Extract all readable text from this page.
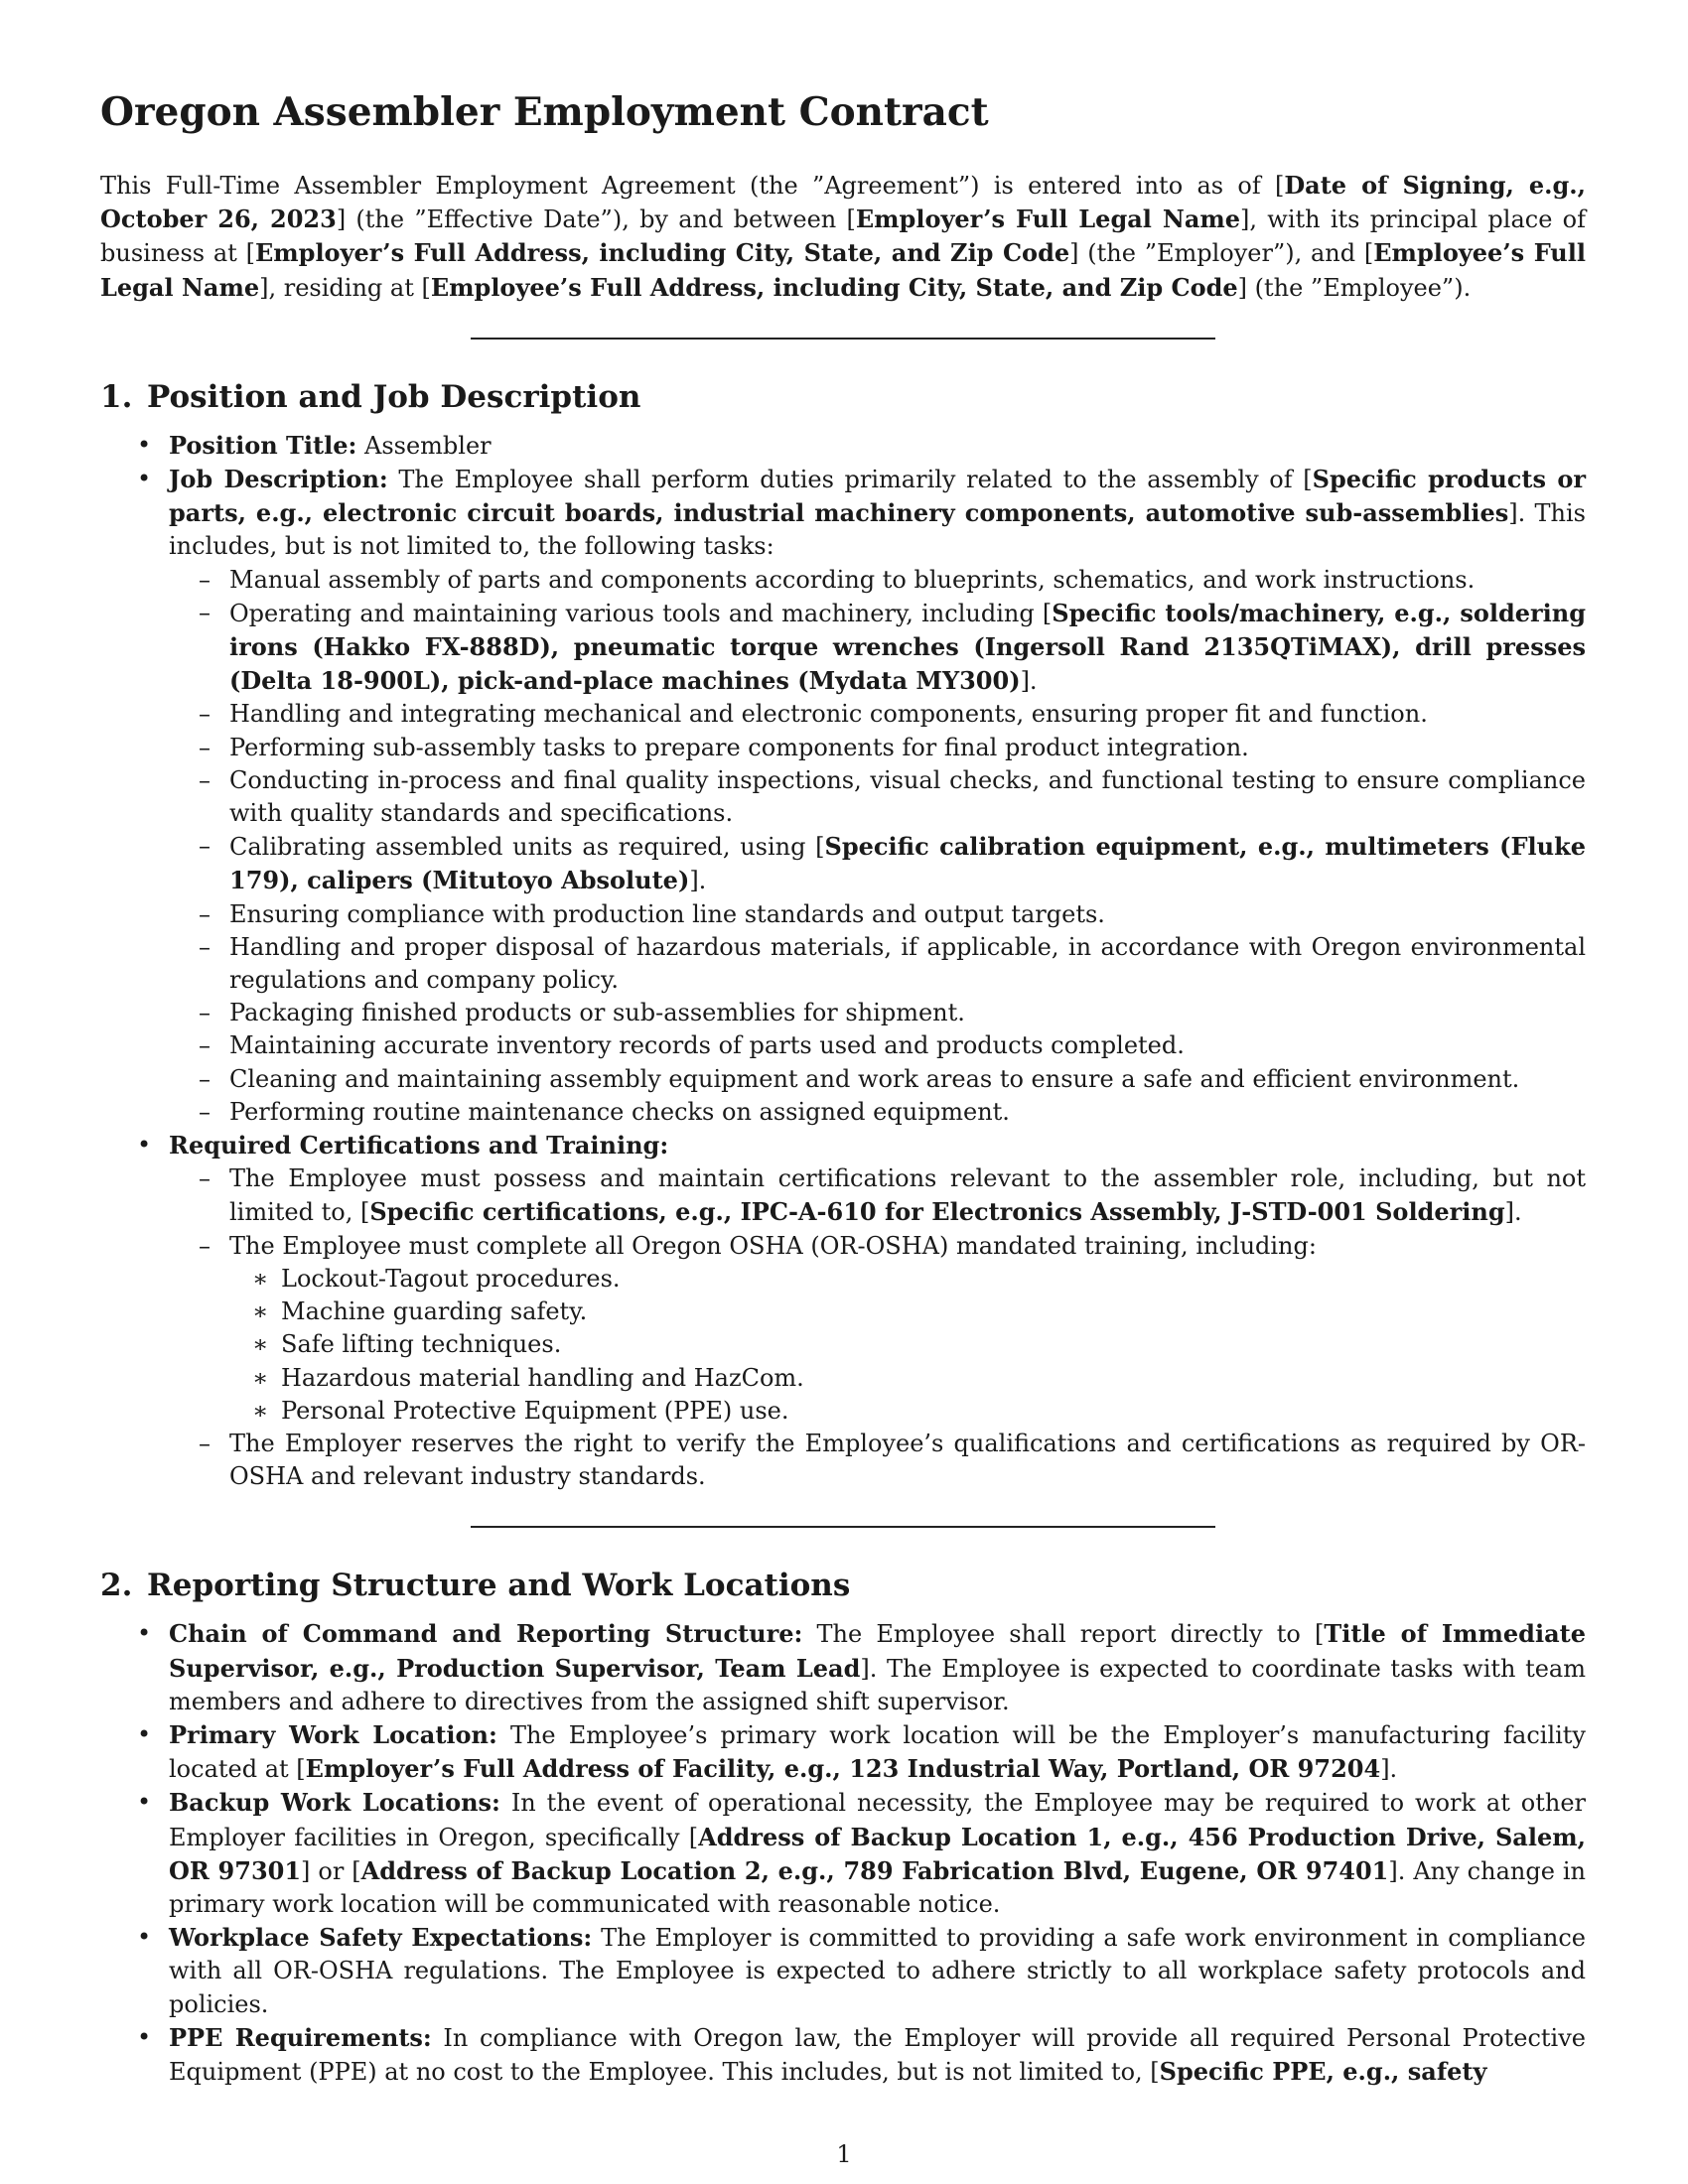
Oregon Assembler Employment Contract

This Full-Time Assembler Employment Agreement (the ”Agreement”) is entered into as of [Date of Signing, e.g., October 26, 2023] (the ”Effective Date”), by and between [Employer’s Full Legal Name], with its principal place of business at [Employer’s Full Address, including City, State, and Zip Code] (the ”Employer”), and [Employee’s Full Legal Name], residing at [Employee’s Full Address, including City, State, and Zip Code] (the ”Employee”).

1. Position and Job Description
• Position Title: Assembler
• Job Description: The Employee shall perform duties primarily related to the assembly of [Specific products or parts, e.g., electronic circuit boards, industrial machinery components, automotive sub-assemblies]. This includes, but is not limited to, the following tasks:
– Manual assembly of parts and components according to blueprints, schematics, and work instructions.
– Operating and maintaining various tools and machinery, including [Specific tools/machinery, e.g., soldering irons (Hakko FX-888D), pneumatic torque wrenches (Ingersoll Rand 2135QTiMAX), drill presses (Delta 18-900L), pick-and-place machines (Mydata MY300)].
– Handling and integrating mechanical and electronic components, ensuring proper fit and function.
– Performing sub-assembly tasks to prepare components for final product integration.
– Conducting in-process and final quality inspections, visual checks, and functional testing to ensure compliance with quality standards and specifications.
– Calibrating assembled units as required, using [Specific calibration equipment, e.g., multimeters (Fluke 179), calipers (Mitutoyo Absolute)].
– Ensuring compliance with production line standards and output targets.
– Handling and proper disposal of hazardous materials, if applicable, in accordance with Oregon environmental regulations and company policy.
– Packaging finished products or sub-assemblies for shipment.
– Maintaining accurate inventory records of parts used and products completed.
– Cleaning and maintaining assembly equipment and work areas to ensure a safe and efficient environment.
– Performing routine maintenance checks on assigned equipment.
• Required Certifications and Training:
– The Employee must possess and maintain certifications relevant to the assembler role, including, but not limited to, [Specific certifications, e.g., IPC-A-610 for Electronics Assembly, J-STD-001 Soldering].
– The Employee must complete all Oregon OSHA (OR-OSHA) mandated training, including:
∗ Lockout-Tagout procedures.
∗ Machine guarding safety.
∗ Safe lifting techniques.
∗ Hazardous material handling and HazCom.
∗ Personal Protective Equipment (PPE) use.
– The Employer reserves the right to verify the Employee’s qualifications and certifications as required by OR-OSHA and relevant industry standards.
2. Reporting Structure and Work Locations
• Chain of Command and Reporting Structure: The Employee shall report directly to [Title of Immediate Supervisor, e.g., Production Supervisor, Team Lead]. The Employee is expected to coordinate tasks with team members and adhere to directives from the assigned shift supervisor.
• Primary Work Location: The Employee’s primary work location will be the Employer’s manufacturing facility located at [Employer’s Full Address of Facility, e.g., 123 Industrial Way, Portland, OR 97204].
• Backup Work Locations: In the event of operational necessity, the Employee may be required to work at other Employer facilities in Oregon, specifically [Address of Backup Location 1, e.g., 456 Production Drive, Salem, OR 97301] or [Address of Backup Location 2, e.g., 789 Fabrication Blvd, Eugene, OR 97401]. Any change in primary work location will be communicated with reasonable notice.
• Workplace Safety Expectations: The Employer is committed to providing a safe work environment in compliance with all OR-OSHA regulations. The Employee is expected to adhere strictly to all workplace safety protocols and policies.
• PPE Requirements: In compliance with Oregon law, the Employer will provide all required Personal Protective Equipment (PPE) at no cost to the Employee. This includes, but is not limited to, [Specific PPE, e.g., safety
1
